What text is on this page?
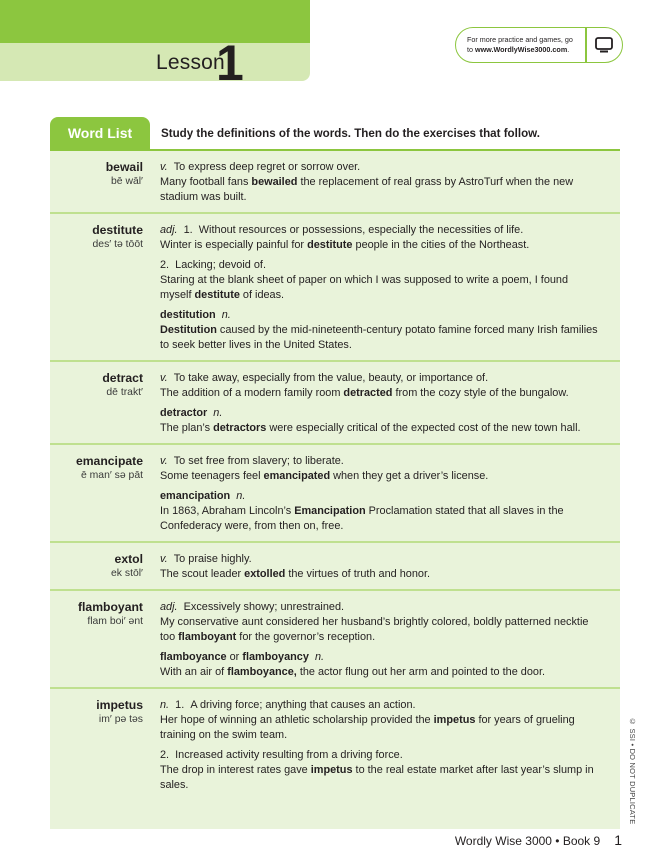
Lesson
1	For more practice and games, go
to www.WordlyWise3000.com.
Word List	Study the definitions of the words. Then do the exercises that follow.
bewail
bē wāl′
v. To express deep regret or sorrow over.
Many football fans bewailed the replacement of real grass by AstroTurf when the new stadium was built.
destitute
des′ tə tōōt
adj. 1. Without resources or possessions, especially the necessities of life.
Winter is especially painful for destitute people in the cities of the Northeast.
2. Lacking; devoid of.
Staring at the blank sheet of paper on which I was supposed to write a poem, I found myself destitute of ideas.
destitution n.
Destitution caused by the mid-nineteenth-century potato famine forced many Irish families to seek better lives in the United States.
detract
dē trakt′
v. To take away, especially from the value, beauty, or importance of.
The addition of a modern family room detracted from the cozy style of the bungalow.
detractor n.
The plan’s detractors were especially critical of the expected cost of the new town hall.
emancipate
ē man′ sə pāt
v. To set free from slavery; to liberate.
Some teenagers feel emancipated when they get a driver’s license.
emancipation n.
In 1863, Abraham Lincoln’s Emancipation Proclamation stated that all slaves in the Confederacy were, from then on, free.
extol
ek stōl′
v. To praise highly.
The scout leader extolled the virtues of truth and honor.
flamboyant
flam boi′ ənt
adj. Excessively showy; unrestrained.
My conservative aunt considered her husband’s brightly colored, boldly patterned necktie too flamboyant for the governor’s reception.
flamboyance or flamboyancy n.
With an air of flamboyance, the actor flung out her arm and pointed to the door.
impetus
im′ pə təs
n. 1. A driving force; anything that causes an action.
Her hope of winning an athletic scholarship provided the impetus for years of grueling training on the swim team.
2. Increased activity resulting from a driving force.
The drop in interest rates gave impetus to the real estate market after last year’s slump in sales.	© SSI • DO NOT DUPLICATE
Wordly Wise 3000 • Book 9 1
